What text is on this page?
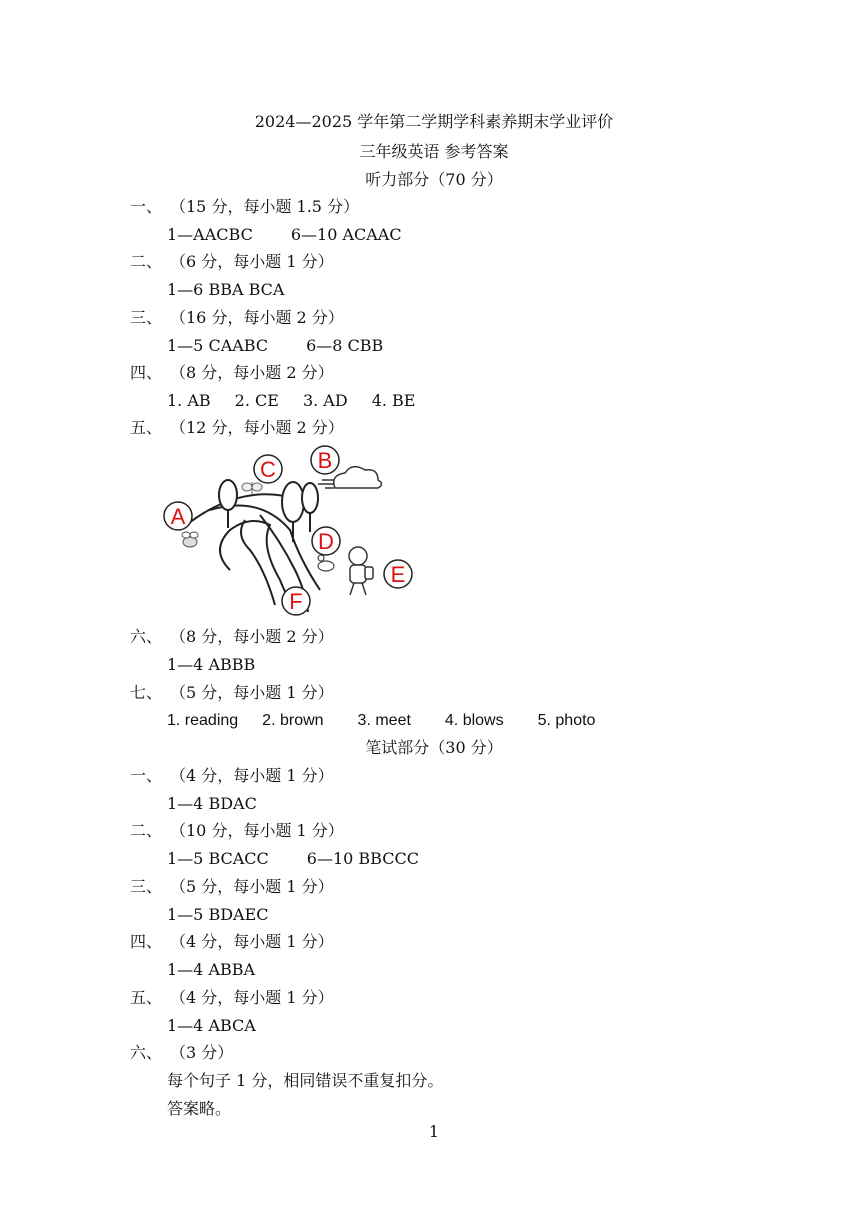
2024—2025 学年第二学期学科素养期末学业评价
三年级英语 参考答案
听力部分（70 分）
一、 （15 分，每小题 1.5 分）
1—AACBC 6—10 ACAAC
二、 （6 分，每小题 1 分）
1—6 BBA BCA
三、 （16 分，每小题 2 分）
1—5 CAABC 6—8 CBB
四、 （8 分，每小题 2 分）
1. AB 2. CE 3. AD 4. BE
五、 （12 分，每小题 2 分）
A
B
C
D
E
F
六、 （8 分，每小题 2 分）
1—4 ABBB
七、 （5 分，每小题 1 分）
1. reading 2. brown 3. meet 4. blows 5. photo
笔试部分（30 分）
一、 （4 分，每小题 1 分）
1—4 BDAC
二、 （10 分，每小题 1 分）
1—5 BCACC 6—10 BBCCC
三、 （5 分，每小题 1 分）
1—5 BDAEC
四、 （4 分，每小题 1 分）
1—4 ABBA
五、 （4 分，每小题 1 分）
1—4 ABCA
六、 （3 分）
每个句子 1 分，相同错误不重复扣分。
答案略。
1
